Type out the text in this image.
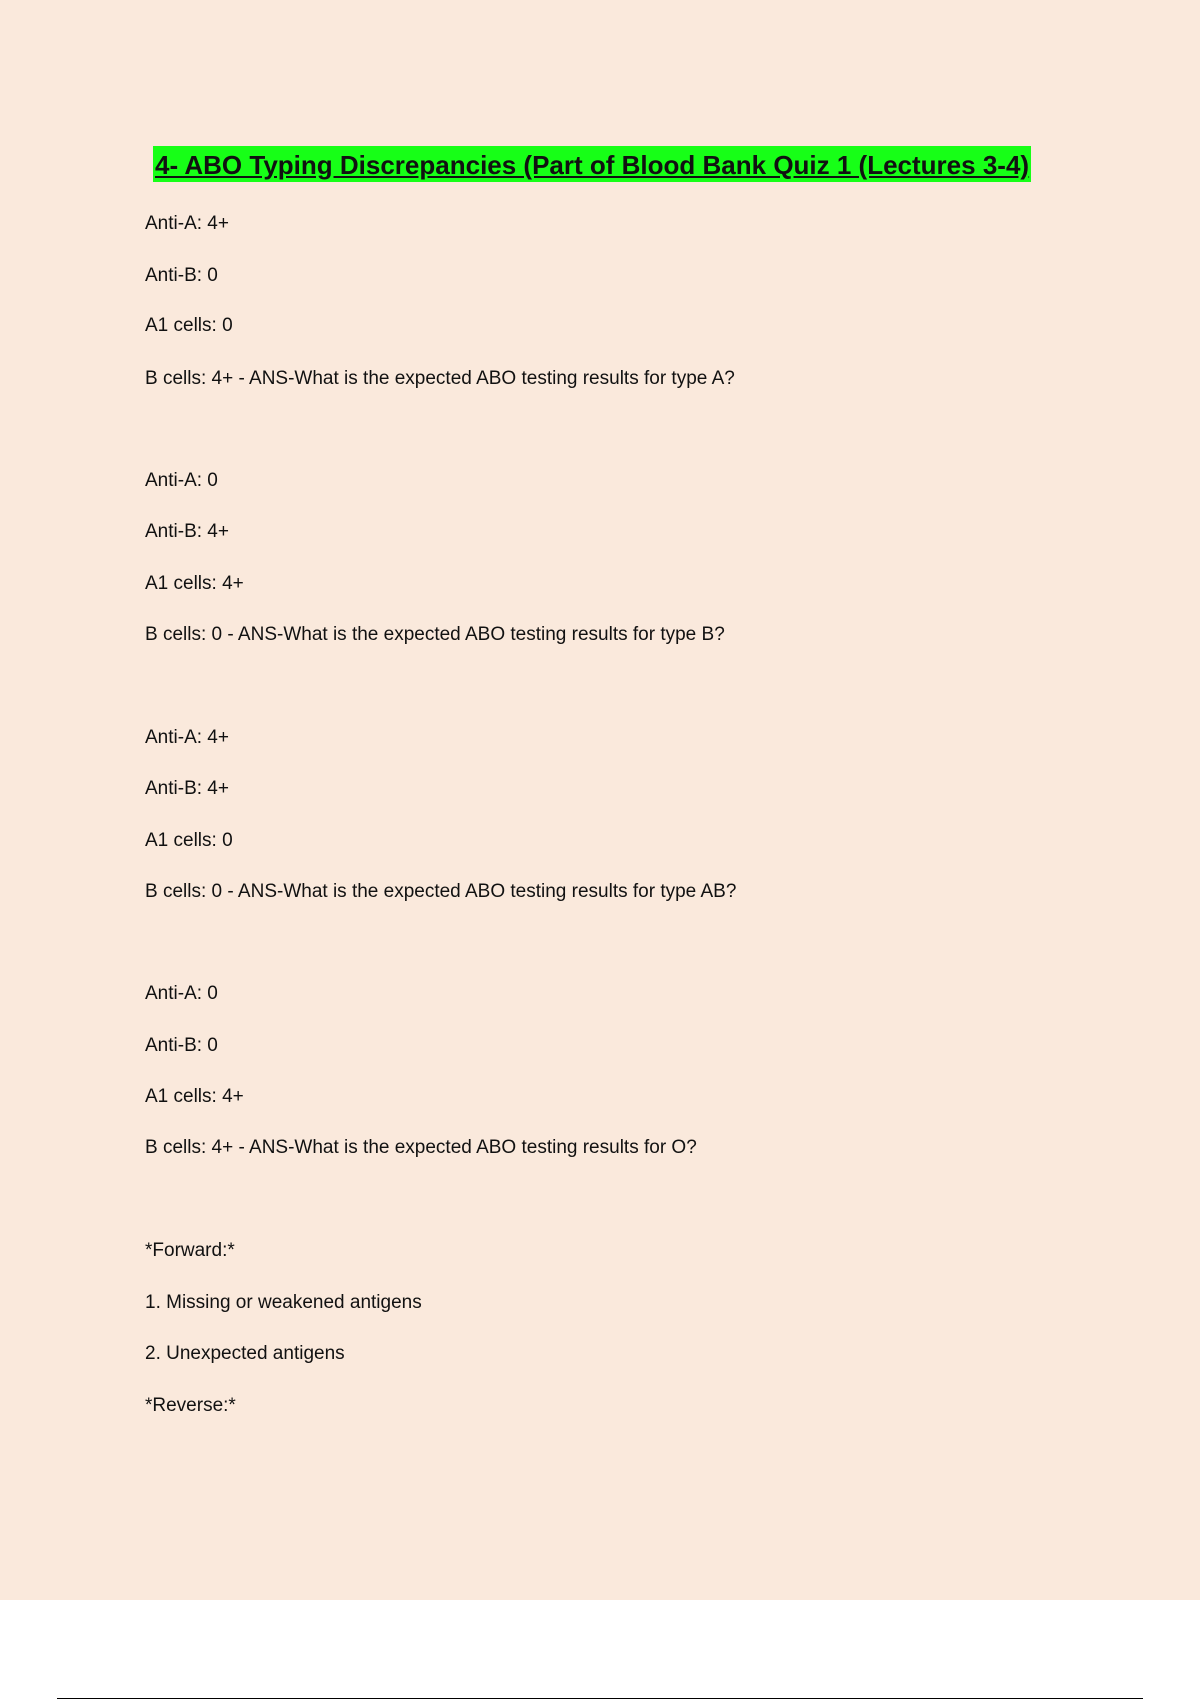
4- ABO Typing Discrepancies (Part of Blood Bank Quiz 1 (Lectures 3-4)

Anti-A: 4+

Anti-B: 0

A1 cells: 0

B cells: 4+ - ANS-What is the expected ABO testing results for type A?

Anti-A: 0

Anti-B: 4+

A1 cells: 4+

B cells: 0 - ANS-What is the expected ABO testing results for type B?

Anti-A: 4+

Anti-B: 4+

A1 cells: 0

B cells: 0 - ANS-What is the expected ABO testing results for type AB?

Anti-A: 0

Anti-B: 0

A1 cells: 4+

B cells: 4+ - ANS-What is the expected ABO testing results for O?

*Forward:*

1. Missing or weakened antigens

2. Unexpected antigens

*Reverse:*
